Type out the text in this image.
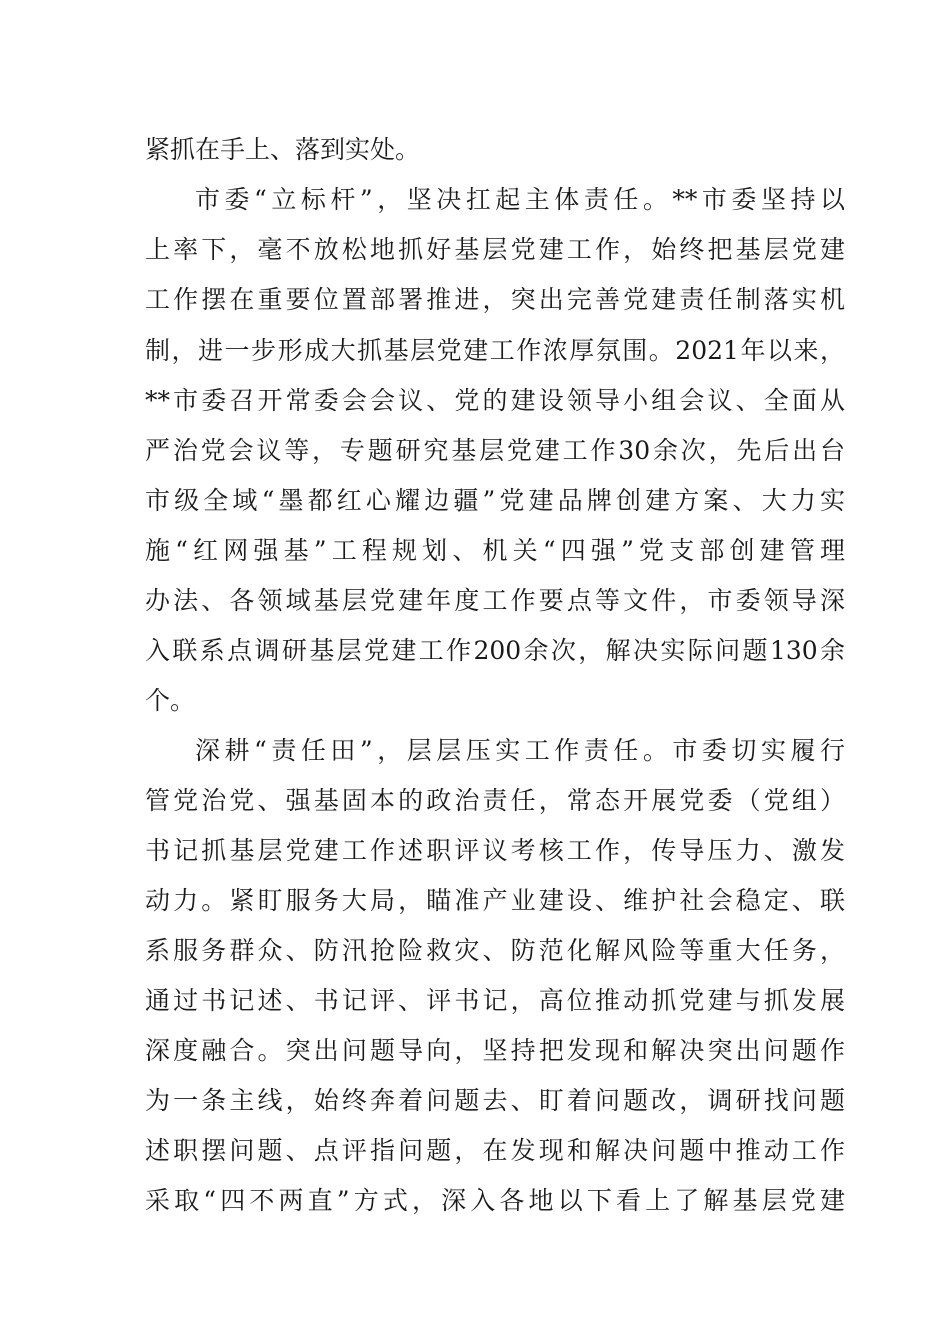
紧抓在手上、落到实处。
市委“立标杆”，坚决扛起主体责任。**市委坚持以
上率下，毫不放松地抓好基层党建工作，始终把基层党建
工作摆在重要位置部署推进，突出完善党建责任制落实机
制，进一步形成大抓基层党建工作浓厚氛围。2021年以来，
**市委召开常委会会议、党的建设领导小组会议、全面从
严治党会议等，专题研究基层党建工作30余次，先后出台
市级全域“墨都红心耀边疆”党建品牌创建方案、大力实
施“红网强基”工程规划、机关“四强”党支部创建管理
办法、各领域基层党建年度工作要点等文件，市委领导深
入联系点调研基层党建工作200余次，解决实际问题130余
个。
深耕“责任田”，层层压实工作责任。市委切实履行
管党治党、强基固本的政治责任，常态开展党委（党组）
书记抓基层党建工作述职评议考核工作，传导压力、激发
动力。紧盯服务大局，瞄准产业建设、维护社会稳定、联
系服务群众、防汛抢险救灾、防范化解风险等重大任务，
通过书记述、书记评、评书记，高位推动抓党建与抓发展
深度融合。突出问题导向，坚持把发现和解决突出问题作
为一条主线，始终奔着问题去、盯着问题改，调研找问题
述职摆问题、点评指问题，在发现和解决问题中推动工作
采取“四不两直”方式，深入各地以下看上了解基层党建
